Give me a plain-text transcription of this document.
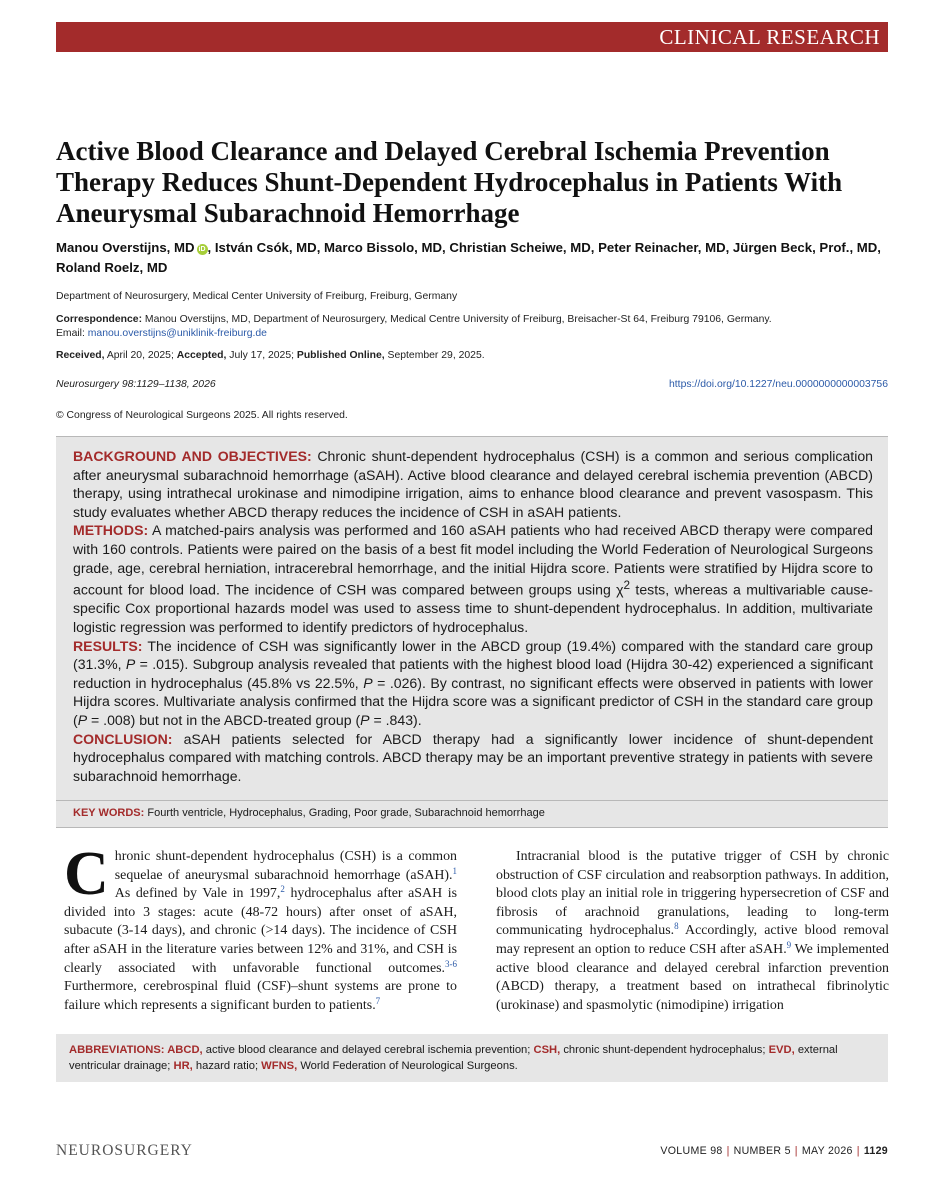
CLINICAL RESEARCH
Active Blood Clearance and Delayed Cerebral Ischemia Prevention Therapy Reduces Shunt-Dependent Hydrocephalus in Patients With Aneurysmal Subarachnoid Hemorrhage
Manou Overstijns, MD iD , István Csók, MD, Marco Bissolo, MD, Christian Scheiwe, MD, Peter Reinacher, MD, Jürgen Beck, Prof., MD, Roland Roelz, MD
Department of Neurosurgery, Medical Center University of Freiburg, Freiburg, Germany
Correspondence: Manou Overstijns, MD, Department of Neurosurgery, Medical Centre University of Freiburg, Breisacher-St 64, Freiburg 79106, Germany.
Email: manou.overstijns@uniklinik-freiburg.de
Received, April 20, 2025; Accepted, July 17, 2025; Published Online, September 29, 2025.
Neurosurgery 98:1129–1138, 2026	https://doi.org/10.1227/neu.0000000000003756
© Congress of Neurological Surgeons 2025. All rights reserved.

BACKGROUND AND OBJECTIVES: Chronic shunt-dependent hydrocephalus (CSH) is a common and serious complication after aneurysmal subarachnoid hemorrhage (aSAH). Active blood clearance and delayed cerebral ischemia prevention (ABCD) therapy, using intrathecal urokinase and nimodipine irrigation, aims to enhance blood clearance and prevent vasospasm. This study evaluates whether ABCD therapy reduces the incidence of CSH in aSAH patients.

METHODS: A matched-pairs analysis was performed and 160 aSAH patients who had received ABCD therapy were compared with 160 controls. Patients were paired on the basis of a best fit model including the World Federation of Neurological Surgeons grade, age, cerebral herniation, intracerebral hemorrhage, and the initial Hijdra score. Patients were stratified by Hijdra score to account for blood load. The incidence of CSH was compared between groups using $\chi^2$ tests, whereas a multivariable cause-specific Cox proportional hazards model was used to assess time to shunt-dependent hydrocephalus. In addition, multivariate logistic regression was performed to identify predictors of hydrocephalus.

RESULTS: The incidence of CSH was significantly lower in the ABCD group (19.4%) compared with the standard care group (31.3%, P = .015). Subgroup analysis revealed that patients with the highest blood load (Hijdra 30-42) experienced a significant reduction in hydrocephalus (45.8% vs 22.5%, P = .026). By contrast, no significant effects were observed in patients with lower Hijdra scores. Multivariate analysis confirmed that the Hijdra score was a significant predictor of CSH in the standard care group (P = .008) but not in the ABCD-treated group (P = .843).

CONCLUSION: aSAH patients selected for ABCD therapy had a significantly lower incidence of shunt-dependent hydrocephalus compared with matching controls. ABCD therapy may be an important preventive strategy in patients with severe subarachnoid hemorrhage.

KEY WORDS: Fourth ventricle, Hydrocephalus, Grading, Poor grade, Subarachnoid hemorrhage
Chronic shunt-dependent hydrocephalus (CSH) is a common sequelae of aneurysmal subarachnoid hemorrhage (aSAH).$^1$ As defined by Vale in 1997,$^2$ hydrocephalus after aSAH is divided into 3 stages: acute (48-72 hours) after onset of aSAH, subacute (3-14 days), and chronic (>14 days). The incidence of CSH after aSAH in the literature varies between 12% and 31%, and CSH is clearly associated with unfavorable functional outcomes.$^{3-6}$ Furthermore, cerebrospinal fluid (CSF)–shunt systems are prone to failure which represents a significant burden to patients.$^7$
Intracranial blood is the putative trigger of CSH by chronic obstruction of CSF circulation and reabsorption pathways. In addition, blood clots play an initial role in triggering hypersecretion of CSF and fibrosis of arachnoid granulations, leading to long-term communicating hydrocephalus.$^8$ Accordingly, active blood removal may represent an option to reduce CSH after aSAH.$^9$ We implemented active blood clearance and delayed cerebral infarction prevention (ABCD) therapy, a treatment based on intrathecal fibrinolytic (urokinase) and spasmolytic (nimodipine) irrigation
ABBREVIATIONS: ABCD, active blood clearance and delayed cerebral ischemia prevention; CSH, chronic shunt-dependent hydrocephalus; EVD, external ventricular drainage; HR, hazard ratio; WFNS, World Federation of Neurological Surgeons.
NEUROSURGERY	VOLUME 98 | NUMBER 5 | MAY 2026 | 1129
